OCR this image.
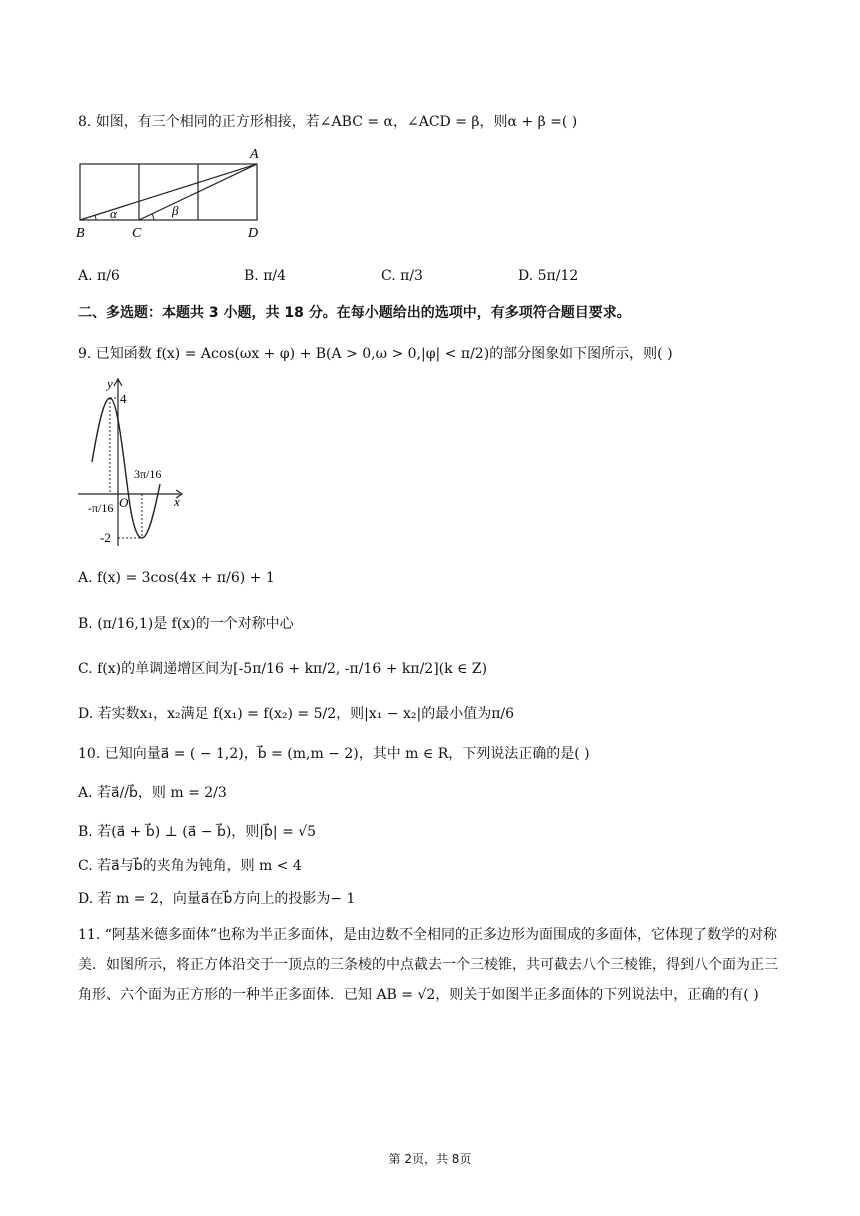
8. 如图，有三个相同的正方形相接，若∠ABC = α，∠ACD = β，则α + β =( )
A
B	C	D
α	β
A. π/6	B. π/4	C. π/3	D. 5π/12
二、多选题：本题共 3 小题，共 18 分。在每小题给出的选项中，有多项符合题目要求。
9. 已知函数 f(x) = Acos(ωx + φ) + B(A > 0,ω > 0,|φ| < π/2)的部分图象如下图所示，则( )
y
x
O
4
-2
-π/16
3π/16
A. f(x) = 3cos(4x + π/6) + 1
B. (π/16,1)是 f(x)的一个对称中心
C. f(x)的单调递增区间为[-5π/16 + kπ/2, -π/16 + kπ/2](k ∈ Z)
D. 若实数x₁，x₂满足 f(x₁) = f(x₂) = 5/2，则|x₁ − x₂|的最小值为π/6
10. 已知向量a⃗ = ( − 1,2)，b⃗ = (m,m − 2)，其中 m ∈ R，下列说法正确的是( )
A. 若a⃗//b⃗，则 m = 2/3
B. 若(a⃗ + b⃗) ⊥ (a⃗ − b⃗)，则|b⃗| = √5
C. 若a⃗与b⃗的夹角为钝角，则 m < 4
D. 若 m = 2，向量a⃗在b⃗方向上的投影为− 1
11. “阿基米德多面体”也称为半正多面体，是由边数不全相同的正多边形为面围成的多面体，它体现了数学的对称美．如图所示，将正方体沿交于一顶点的三条棱的中点截去一个三棱锥，共可截去八个三棱锥，得到八个面为正三角形、六个面为正方形的一种半正多面体．已知 AB = √2，则关于如图半正多面体的下列说法中，正确的有( )
第 2页，共 8页
